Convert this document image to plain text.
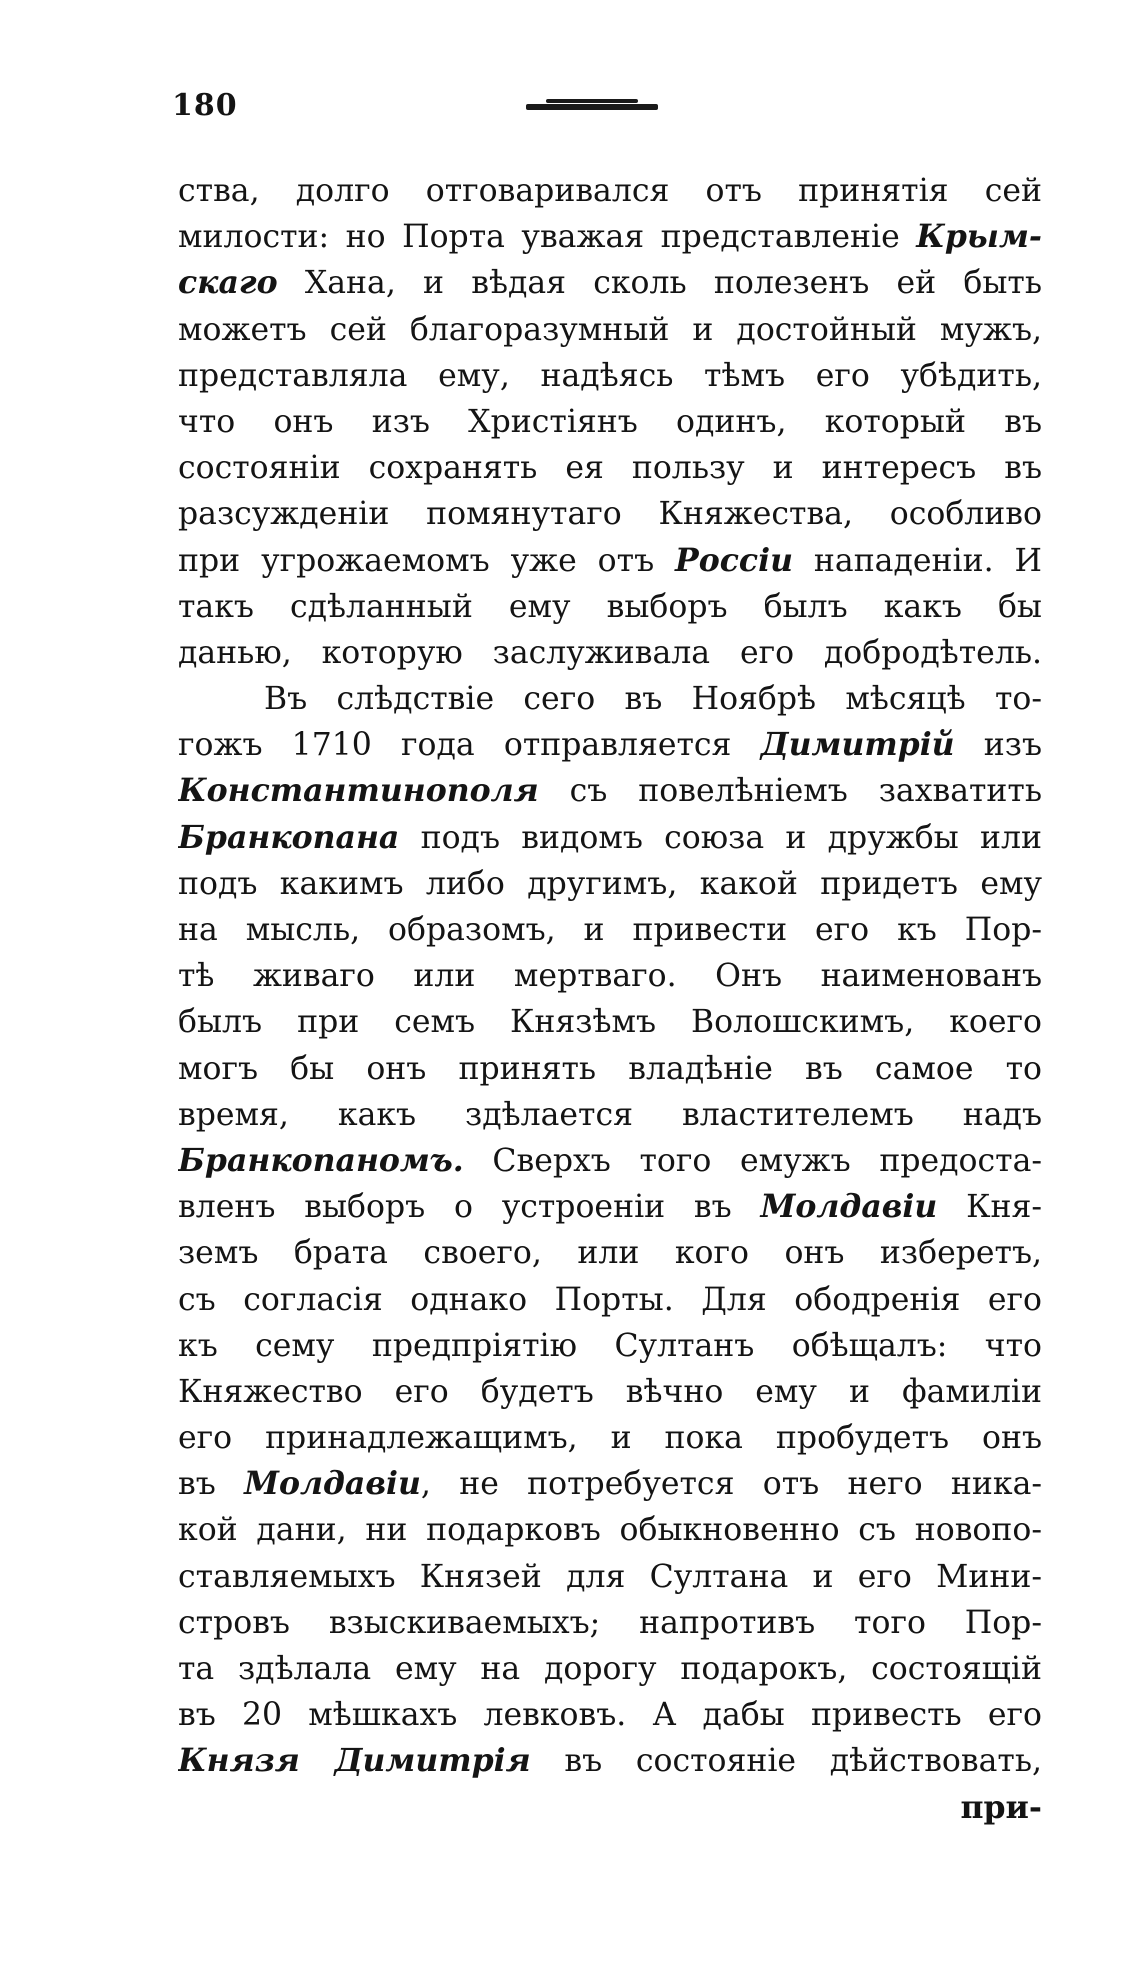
180
ства, долго отговаривался отъ принятія сей
милости: но Порта уважая представленіе Крым-
скаго Хана, и вѣдая сколь полезенъ ей быть
можетъ сей благоразумный и достойный мужъ,
представляла ему, надѣясь тѣмъ его убѣдить,
что онъ изъ Христіянъ одинъ, который въ
состояніи сохранять ея пользу и интересъ въ
разсужденіи помянутаго Княжества, особливо
при угрожаемомъ уже отъ Россіи нападеніи. И
такъ сдѣланный ему выборъ былъ какъ бы
данью, которую заслуживала его добродѣтель.
Въ слѣдствіе сего въ Ноябрѣ мѣсяцѣ то-
гожъ 1710 года отправляется Димитрій изъ
Константинополя съ повелѣніемъ захватить
Бранкопана подъ видомъ союза и дружбы или
подъ какимъ либо другимъ, какой придетъ ему
на мысль, образомъ, и привести его къ Пор-
тѣ живаго или мертваго. Онъ наименованъ
былъ при семъ Князѣмъ Волошскимъ, коего
могъ бы онъ принять владѣніе въ самое то
время, какъ здѣлается властителемъ надъ
Бранкопаномъ. Сверхъ того емужъ предоста-
вленъ выборъ о устроеніи въ Молдавіи Кня-
земъ брата своего, или кого онъ изберетъ,
съ согласія однако Порты. Для ободренія его
къ сему предпріятію Султанъ обѣщалъ: что
Княжество его будетъ вѣчно ему и фамиліи
его принадлежащимъ, и пока пробудетъ онъ
въ Молдавіи, не потребуется отъ него ника-
кой дани, ни подарковъ обыкновенно съ новопо-
ставляемыхъ Князей для Султана и его Мини-
стровъ взыскиваемыхъ; напротивъ того Пор-
та здѣлала ему на дорогу подарокъ, состоящій
въ 20 мѣшкахъ левковъ. А дабы привесть его
Князя Димитрія въ состояніе дѣйствовать,
при-
